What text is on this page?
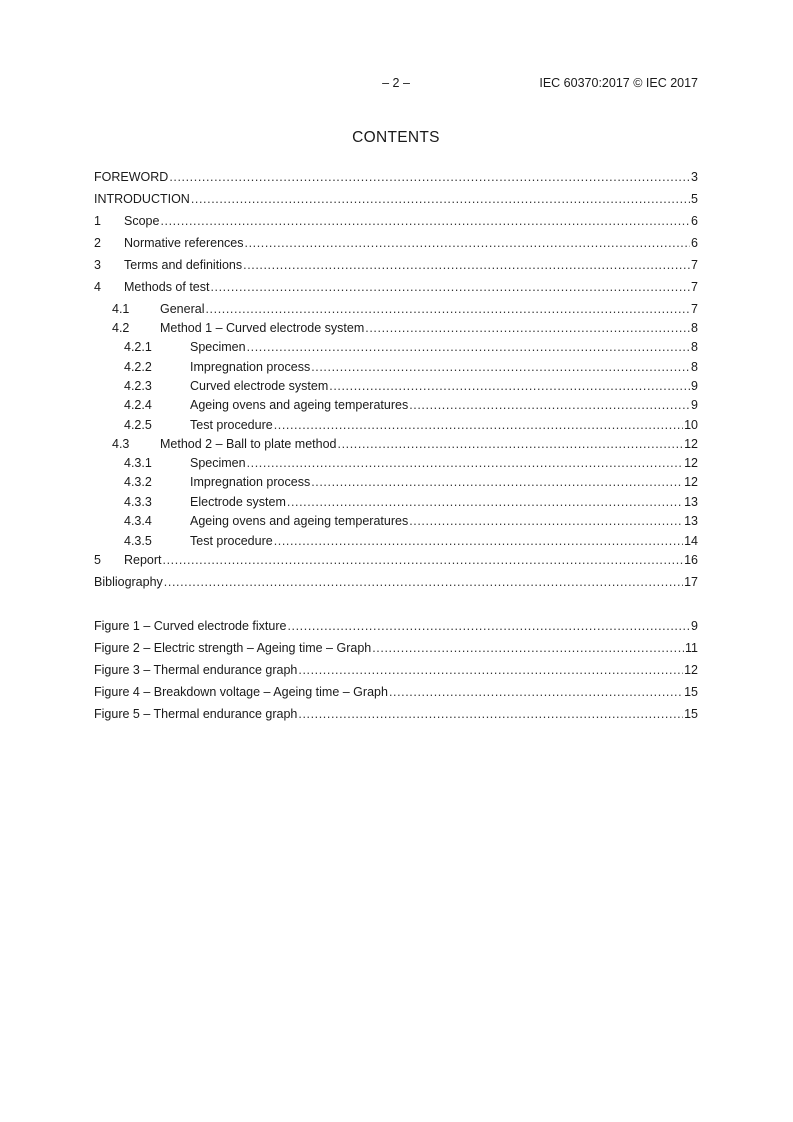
– 2 –	IEC 60370:2017 © IEC 2017
CONTENTS
FOREWORD .....	3
INTRODUCTION .....	5
1	Scope .....	6
2	Normative references .....	6
3	Terms and definitions .....	7
4	Methods of test .....	7
4.1	General .....	7
4.2	Method 1 – Curved electrode system .....	8
4.2.1	Specimen .....	8
4.2.2	Impregnation process .....	8
4.2.3	Curved electrode system .....	9
4.2.4	Ageing ovens and ageing temperatures .....	9
4.2.5	Test procedure .....	10
4.3	Method 2 – Ball to plate method .....	12
4.3.1	Specimen .....	12
4.3.2	Impregnation process .....	12
4.3.3	Electrode system .....	13
4.3.4	Ageing ovens and ageing temperatures .....	13
4.3.5	Test procedure .....	14
5	Report .....	16
Bibliography .....	17
Figure 1 – Curved electrode fixture .....	9
Figure 2 – Electric strength – Ageing time – Graph .....	11
Figure 3 – Thermal endurance graph .....	12
Figure 4 – Breakdown voltage – Ageing time – Graph .....	15
Figure 5 – Thermal endurance graph .....	15
